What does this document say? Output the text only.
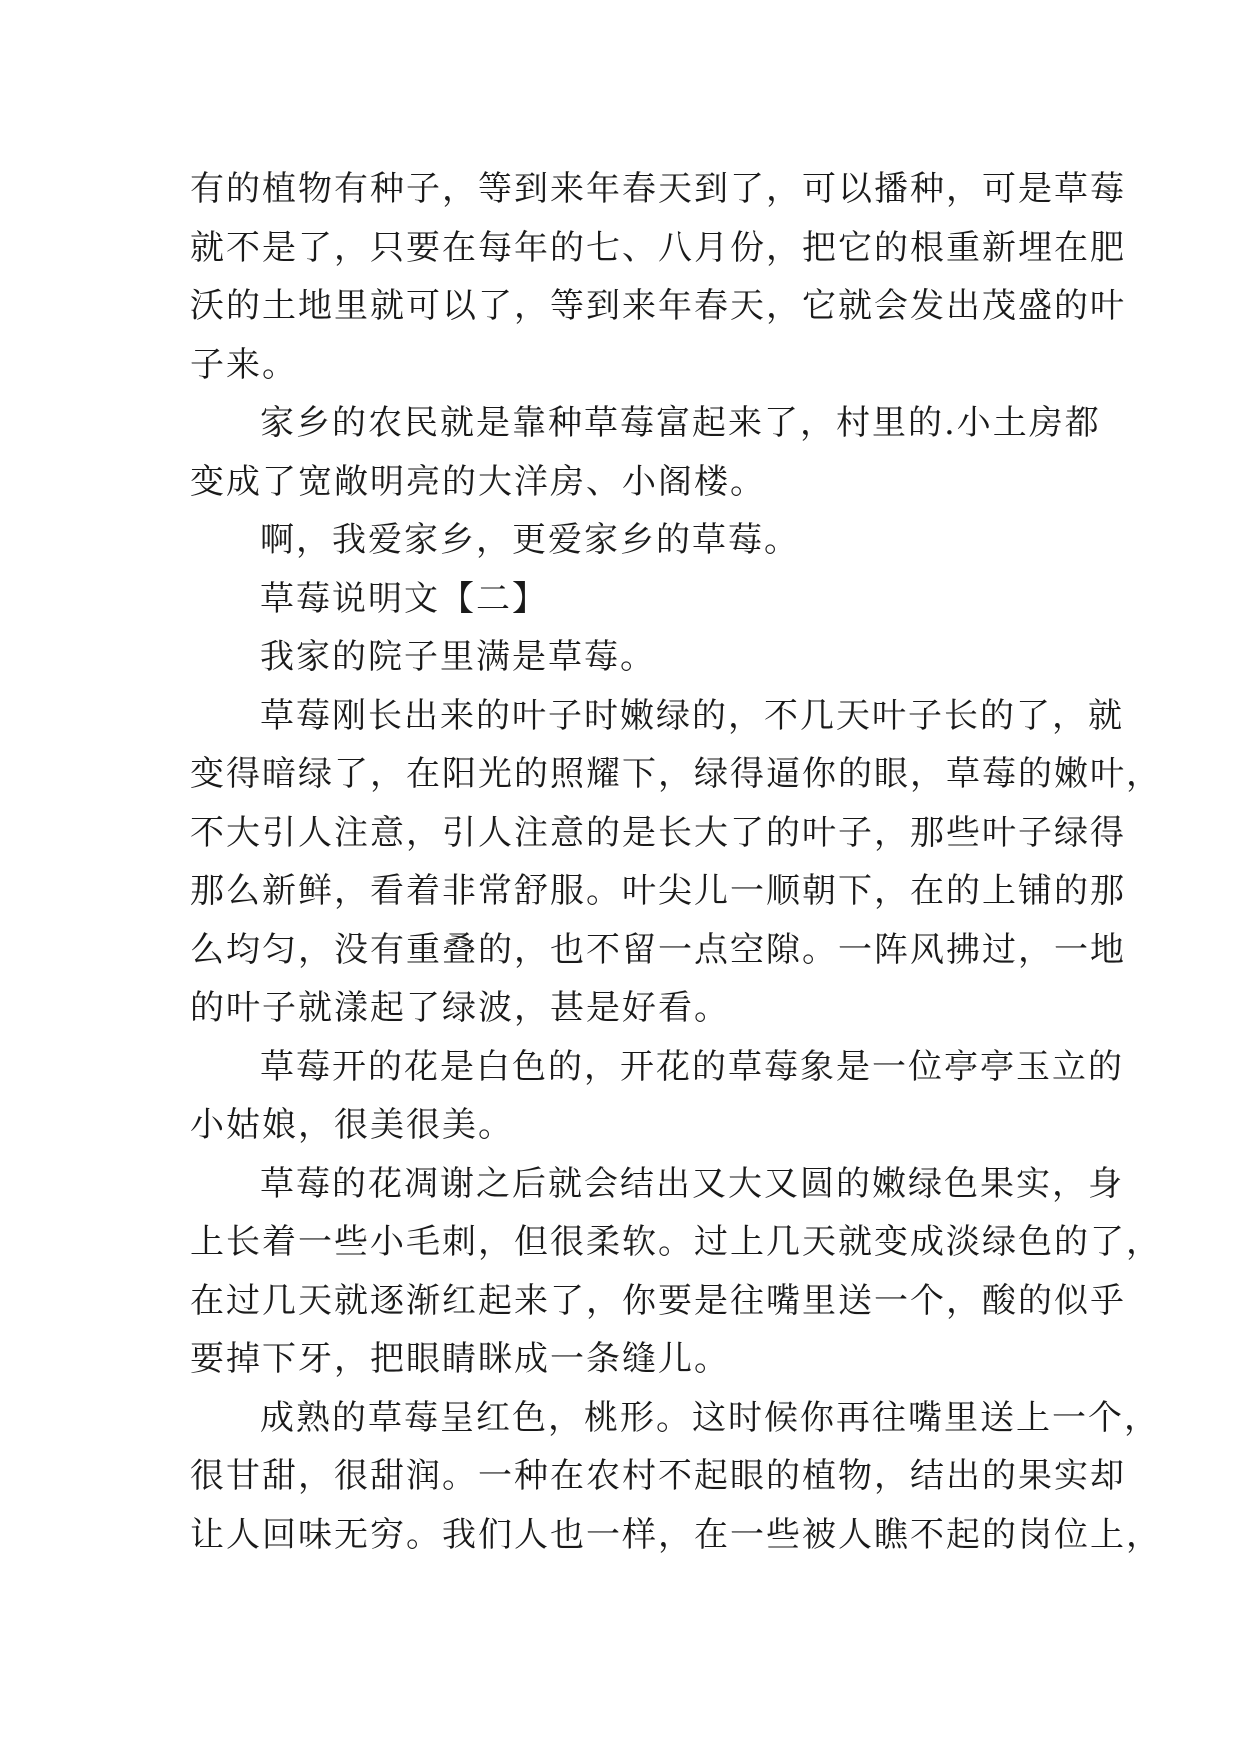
有的植物有种子，等到来年春天到了，可以播种，可是草莓
就不是了，只要在每年的七、八月份，把它的根重新埋在肥
沃的土地里就可以了，等到来年春天，它就会发出茂盛的叶
子来。
家乡的农民就是靠种草莓富起来了，村里的.小土房都
变成了宽敞明亮的大洋房、小阁楼。
啊，我爱家乡，更爱家乡的草莓。
草莓说明文【二】
我家的院子里满是草莓。
草莓刚长出来的叶子时嫩绿的，不几天叶子长的了，就
变得暗绿了，在阳光的照耀下，绿得逼你的眼，草莓的嫩叶，
不大引人注意，引人注意的是长大了的叶子，那些叶子绿得
那么新鲜，看着非常舒服。叶尖儿一顺朝下，在的上铺的那
么均匀，没有重叠的，也不留一点空隙。一阵风拂过，一地
的叶子就漾起了绿波，甚是好看。
草莓开的花是白色的，开花的草莓象是一位亭亭玉立的
小姑娘，很美很美。
草莓的花凋谢之后就会结出又大又圆的嫩绿色果实，身
上长着一些小毛刺，但很柔软。过上几天就变成淡绿色的了，
在过几天就逐渐红起来了，你要是往嘴里送一个，酸的似乎
要掉下牙，把眼睛眯成一条缝儿。
成熟的草莓呈红色，桃形。这时候你再往嘴里送上一个，
很甘甜，很甜润。一种在农村不起眼的植物，结出的果实却
让人回味无穷。我们人也一样，在一些被人瞧不起的岗位上，
